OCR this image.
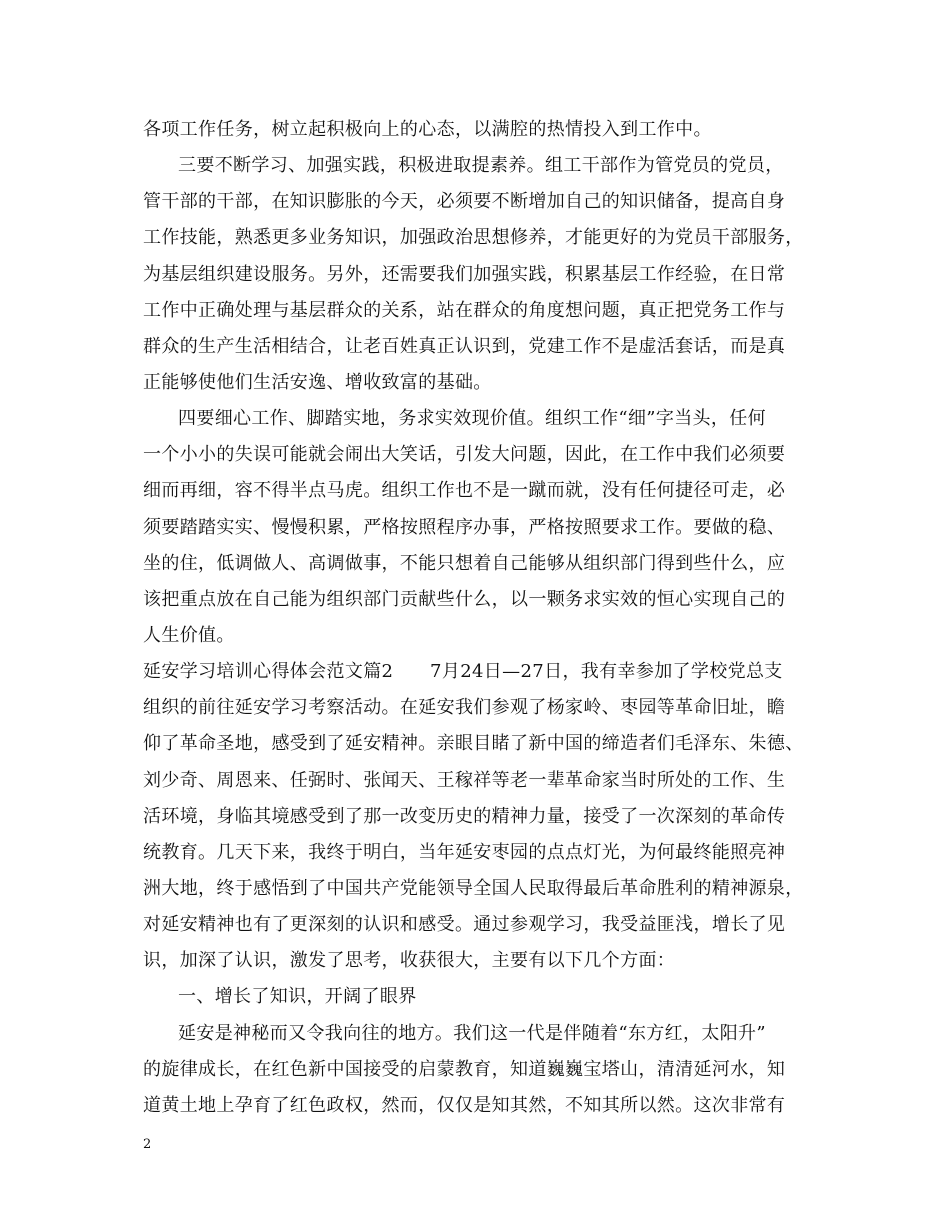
各项工作任务，树立起积极向上的心态，以满腔的热情投入到工作中。
三要不断学习、加强实践，积极进取提素养。组工干部作为管党员的党员，
管干部的干部，在知识膨胀的今天，必须要不断增加自己的知识储备，提高自身
工作技能，熟悉更多业务知识，加强政治思想修养，才能更好的为党员干部服务，
为基层组织建设服务。另外，还需要我们加强实践，积累基层工作经验，在日常
工作中正确处理与基层群众的关系，站在群众的角度想问题，真正把党务工作与
群众的生产生活相结合，让老百姓真正认识到，党建工作不是虚活套话，而是真
正能够使他们生活安逸、增收致富的基础。
四要细心工作、脚踏实地，务求实效现价值。组织工作“细”字当头，任何
一个小小的失误可能就会闹出大笑话，引发大问题，因此，在工作中我们必须要
细而再细，容不得半点马虎。组织工作也不是一蹴而就，没有任何捷径可走，必
须要踏踏实实、慢慢积累，严格按照程序办事，严格按照要求工作。要做的稳、
坐的住，低调做人、高调做事，不能只想着自己能够从组织部门得到些什么，应
该把重点放在自己能为组织部门贡献些什么，以一颗务求实效的恒心实现自己的
人生价值。
延安学习培训心得体会范文篇2　　7月24日—27日，我有幸参加了学校党总支
组织的前往延安学习考察活动。在延安我们参观了杨家岭、枣园等革命旧址，瞻
仰了革命圣地，感受到了延安精神。亲眼目睹了新中国的缔造者们毛泽东、朱德、
刘少奇、周恩来、任弼时、张闻天、王稼祥等老一辈革命家当时所处的工作、生
活环境，身临其境感受到了那一改变历史的精神力量，接受了一次深刻的革命传
统教育。几天下来，我终于明白，当年延安枣园的点点灯光，为何最终能照亮神
洲大地，终于感悟到了中国共产党能领导全国人民取得最后革命胜利的精神源泉，
对延安精神也有了更深刻的认识和感受。通过参观学习，我受益匪浅，增长了见
识，加深了认识，激发了思考，收获很大，主要有以下几个方面：
一、增长了知识，开阔了眼界
延安是神秘而又令我向往的地方。我们这一代是伴随着“东方红，太阳升”
的旋律成长，在红色新中国接受的启蒙教育，知道巍巍宝塔山，清清延河水，知
道黄土地上孕育了红色政权，然而，仅仅是知其然，不知其所以然。这次非常有
2
